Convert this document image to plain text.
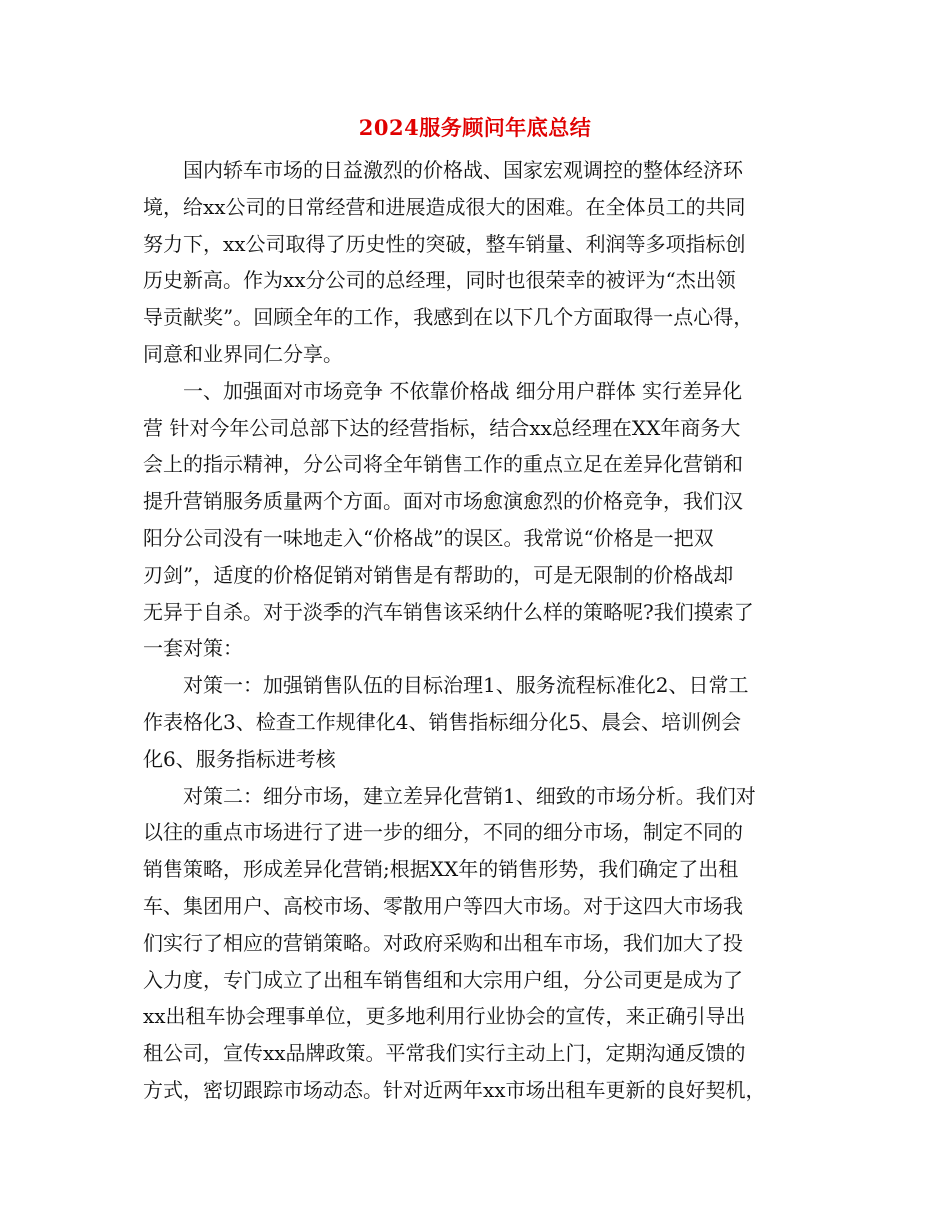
2024服务顾问年底总结
　　国内轿车市场的日益激烈的价格战、国家宏观调控的整体经济环
境，给xx公司的日常经营和进展造成很大的困难。在全体员工的共同
努力下，xx公司取得了历史性的突破，整车销量、利润等多项指标创
历史新高。作为xx分公司的总经理，同时也很荣幸的被评为“杰出领
导贡献奖”。回顾全年的工作，我感到在以下几个方面取得一点心得，
同意和业界同仁分享。
　　一、加强面对市场竞争 不依靠价格战 细分用户群体 实行差异化
营 针对今年公司总部下达的经营指标，结合xx总经理在XX年商务大
会上的指示精神，分公司将全年销售工作的重点立足在差异化营销和
提升营销服务质量两个方面。面对市场愈演愈烈的价格竞争，我们汉
阳分公司没有一味地走入“价格战”的误区。我常说“价格是一把双
刃剑”，适度的价格促销对销售是有帮助的，可是无限制的价格战却
无异于自杀。对于淡季的汽车销售该采纳什么样的策略呢?我们摸索了
一套对策：
　　对策一：加强销售队伍的目标治理1、服务流程标准化2、日常工
作表格化3、检查工作规律化4、销售指标细分化5、晨会、培训例会
化6、服务指标进考核
　　对策二：细分市场，建立差异化营销1、细致的市场分析。我们对
以往的重点市场进行了进一步的细分，不同的细分市场，制定不同的
销售策略，形成差异化营销;根据XX年的销售形势，我们确定了出租
车、集团用户、高校市场、零散用户等四大市场。对于这四大市场我
们实行了相应的营销策略。对政府采购和出租车市场，我们加大了投
入力度，专门成立了出租车销售组和大宗用户组，分公司更是成为了
xx出租车协会理事单位，更多地利用行业协会的宣传，来正确引导出
租公司，宣传xx品牌政策。平常我们实行主动上门，定期沟通反馈的
方式，密切跟踪市场动态。针对近两年xx市场出租车更新的良好契机，
